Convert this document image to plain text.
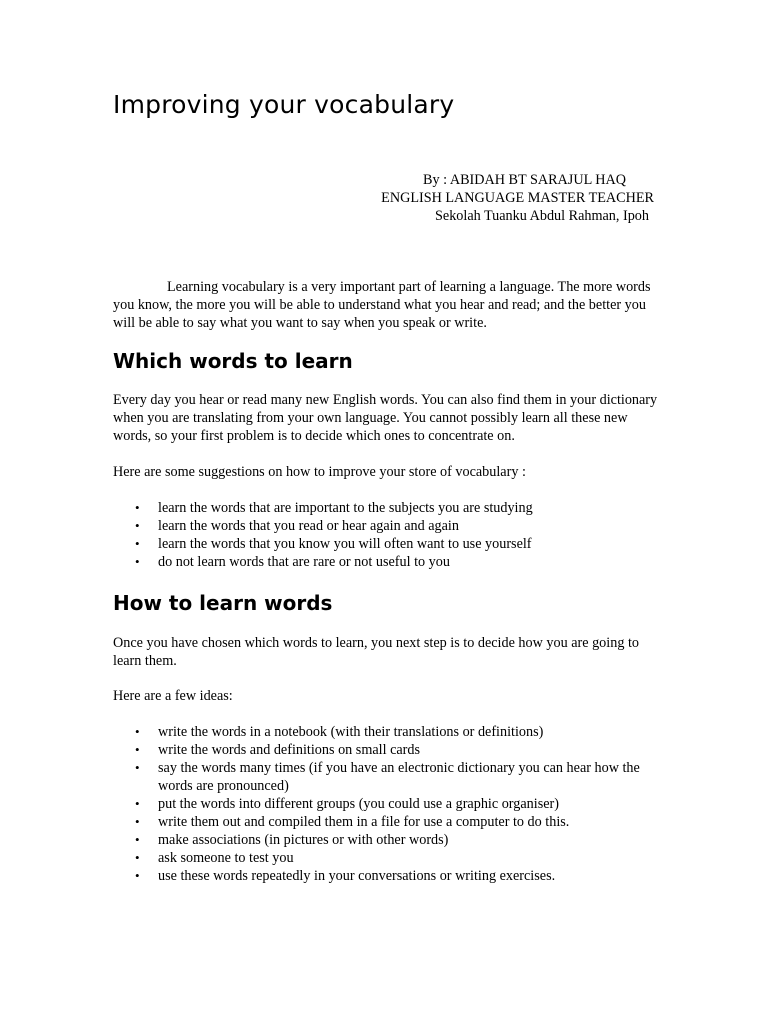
Improving your vocabulary
By : ABIDAH BT SARAJUL HAQ
ENGLISH LANGUAGE MASTER TEACHER
Sekolah Tuanku Abdul Rahman, Ipoh

Learning vocabulary is a very important part of learning a language. The more words you know, the more you will be able to understand what you hear and read; and the better you will be able to say what you want to say when you speak or write.

Which words to learn

Every day you hear or read many new English words. You can also find them in your dictionary when you are translating from your own language. You cannot possibly learn all these new words, so your first problem is to decide which ones to concentrate on.

Here are some suggestions on how to improve your store of vocabulary :

• learn the words that are important to the subjects you are studying
• learn the words that you read or hear again and again
• learn the words that you know you will often want to use yourself
• do not learn words that are rare or not useful to you
How to learn words

Once you have chosen which words to learn, you next step is to decide how you are going to learn them.

Here are a few ideas:

• write the words in a notebook (with their translations or definitions)
• write the words and definitions on small cards
• say the words many times (if you have an electronic dictionary you can hear how the words are pronounced)
• put the words into different groups (you could use a graphic organiser)
• write them out and compiled them in a file for use a computer to do this.
• make associations (in pictures or with other words)
• ask someone to test you
• use these words repeatedly in your conversations or writing exercises.
